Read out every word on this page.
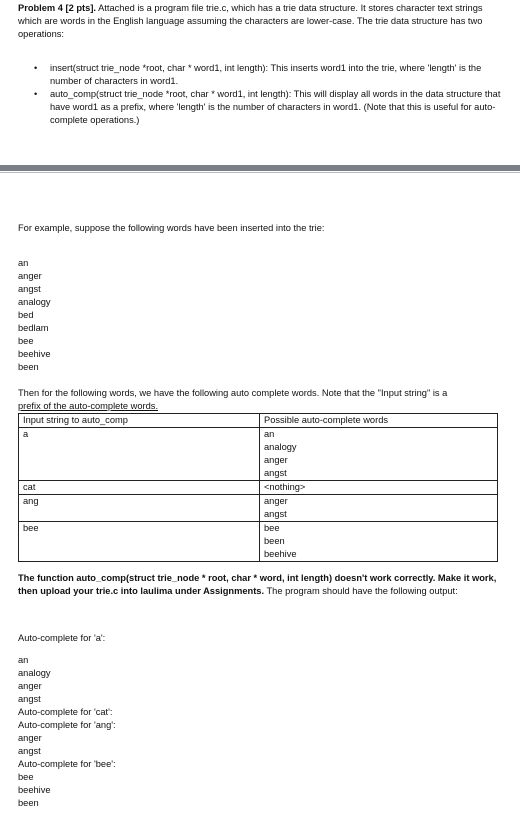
Problem 4 [2 pts]. Attached is a program file trie.c, which has a trie data structure. It stores character text strings which are words in the English language assuming the characters are lower-case. The trie data structure has two operations:
• insert(struct trie_node *root, char * word1, int length): This inserts word1 into the trie, where 'length' is the number of characters in word1.
• auto_comp(struct trie_node *root, char * word1, int length): This will display all words in the data structure that have word1 as a prefix, where 'length' is the number of characters in word1. (Note that this is useful for auto-complete operations.)
For example, suppose the following words have been inserted into the trie:
an
anger
angst
analogy
bed
bedlam
bee
beehive
been
Then for the following words, we have the following auto complete words. Note that the "Input string" is a
prefix of the auto-complete words.
Input string to auto_comp	Possible auto-complete words
a	an
analogy
anger
angst

cat	<nothing>

ang	anger
angst

bee	bee
been
beehive
The function auto_comp(struct trie_node * root, char * word, int length) doesn't work correctly. Make it work, then upload your trie.c into laulima under Assignments. The program should have the following output:
Auto-complete for 'a':
an
analogy
anger
angst
Auto-complete for 'cat':
Auto-complete for 'ang':
anger
angst
Auto-complete for 'bee':
bee
beehive
been
